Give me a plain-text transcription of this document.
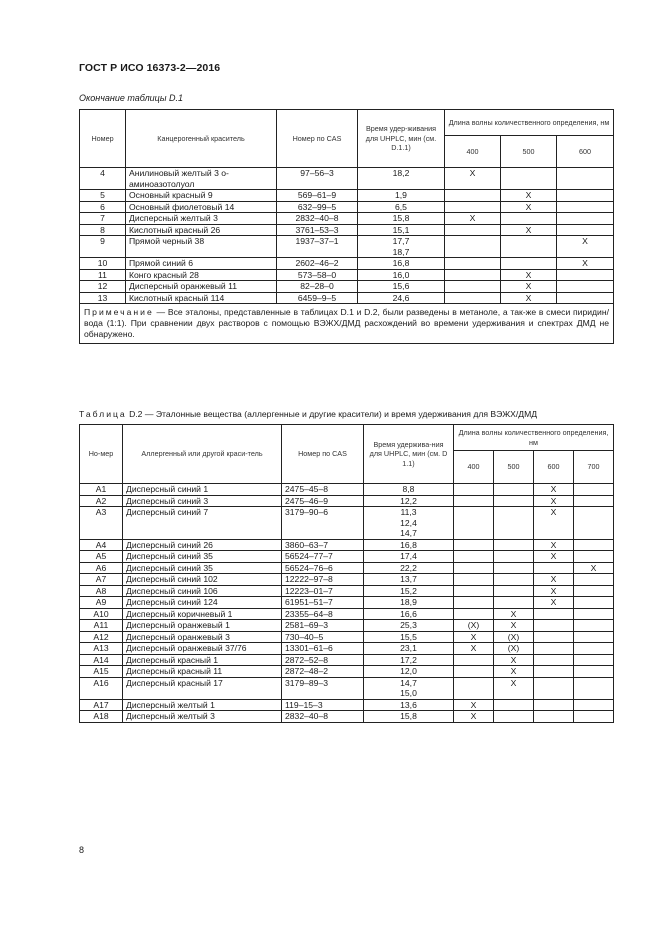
ГОСТ Р ИСО 16373-2—2016
Окончание таблицы D.1
Номер	Канцерогенный краситель	Номер по CAS	Время удер-живания для UHPLC, мин (см. D.1.1)	Длина волны количественного определения, нм		
				400	500	600
4	Анилиновый желтый 3 о-аминоазотолуол	97–56–3	18,2	X		
5	Основный красный 9	569–61–9	1,9		X	
6	Основный фиолетовый 14	632–99–5	6,5		X	
7	Дисперсный желтый 3	2832–40–8	15,8	X		
8	Кислотный красный 26	3761–53–3	15,1		X	
9	Прямой черный 38	1937–37–1	17,7
18,7			X
10	Прямой синий 6	2602–46–2	16,8			X
11	Конго красный 28	573–58–0	16,0		X	
12	Дисперсный оранжевый 11	82–28–0	15,6		X	
13	Кислотный красный 114	6459–9–5	24,6		X	
Примечание — Все эталоны, представленные в таблицах D.1 и D.2, были разведены в метаноле, а так-же в смеси пиридин/вода (1:1). При сравнении двух растворов с помощью ВЭЖХ/ДМД расхождений во времени удерживания и спектрах ДМД не обнаружено.						
Таблица D.2 — Эталонные вещества (аллергенные и другие красители) и время удерживания для ВЭЖХ/ДМД
Но-мер	Аллергенный или другой краси-тель	Номер по CAS	Время удержива-ния для UHPLC, мин (см. D 1.1)	Длина волны количественного определения, нм			
				400	500	600	700
A1	Дисперсный синий 1	2475–45–8	8,8			X	
A2	Дисперсный синий 3	2475–46–9	12,2			X	
A3	Дисперсный синий 7	3179–90–6	11,3
12,4
14,7			X	
A4	Дисперсный синий 26	3860–63–7	16,8			X	
A5	Дисперсный синий 35	56524–77–7	17,4			X	
A6	Дисперсный синий 35	56524–76–6	22,2				X
A7	Дисперсный синий 102	12222–97–8	13,7			X	
A8	Дисперсный синий 106	12223–01–7	15,2			X	
A9	Дисперсный синий 124	61951–51–7	18,9			X	
A10	Дисперсный коричневый 1	23355–64–8	16,6		X		
A11	Дисперсный оранжевый 1	2581–69–3	25,3	(X)	X		
A12	Дисперсный оранжевый 3	730–40–5	15,5	X	(X)		
A13	Дисперсный оранжевый 37/76	13301–61–6	23,1	X	(X)		
A14	Дисперсный красный 1	2872–52–8	17,2		X		
A15	Дисперсный красный 11	2872–48–2	12,0		X		
A16	Дисперсный красный 17	3179–89–3	14,7
15,0		X		
A17	Дисперсный желтый 1	119–15–3	13,6	X			
A18	Дисперсный желтый 3	2832–40–8	15,8	X			
8
